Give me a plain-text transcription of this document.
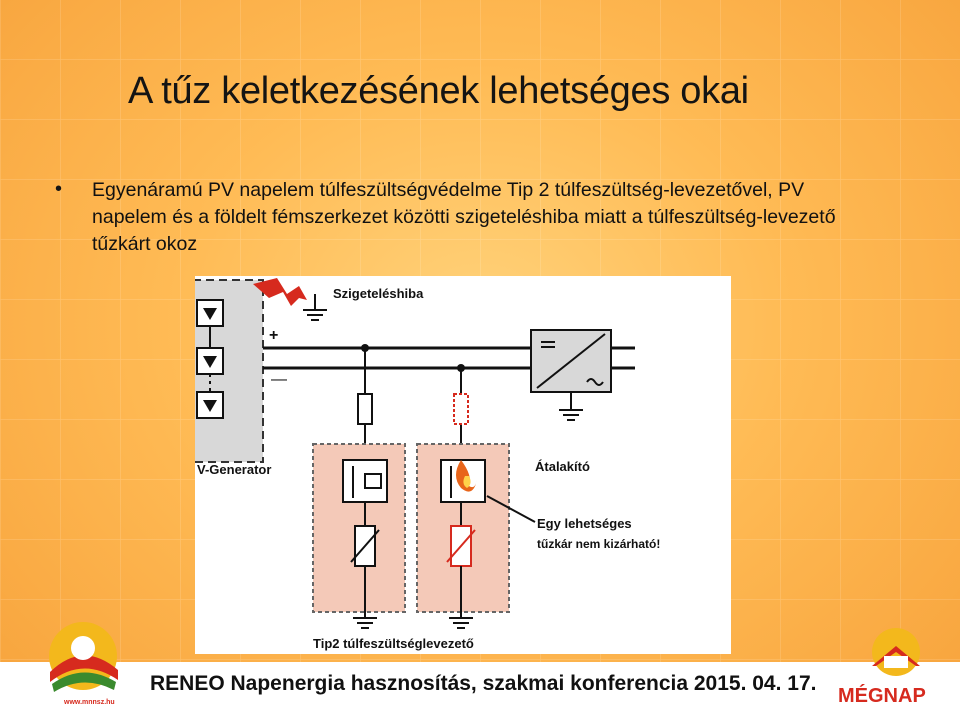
A tűz keletkezésének lehetséges okai
• Egyenáramú PV napelem túlfeszültségvédelme Tip 2 túlfeszültség-levezetővel, PV napelem és a földelt fémszerkezet közötti szigeteléshiba miatt a túlfeszültség-levezető tűzkárt okoz
V-Generator
Szigeteléshiba
+
—
Átalakító
Egy lehetséges
tűzkár nem kizárható!
Tip2 túlfeszültséglevezető
RENEO Napenergia hasznosítás, szakmai konferencia 2015. 04. 17.
www.mnnsz.hu	MÉGNAP
